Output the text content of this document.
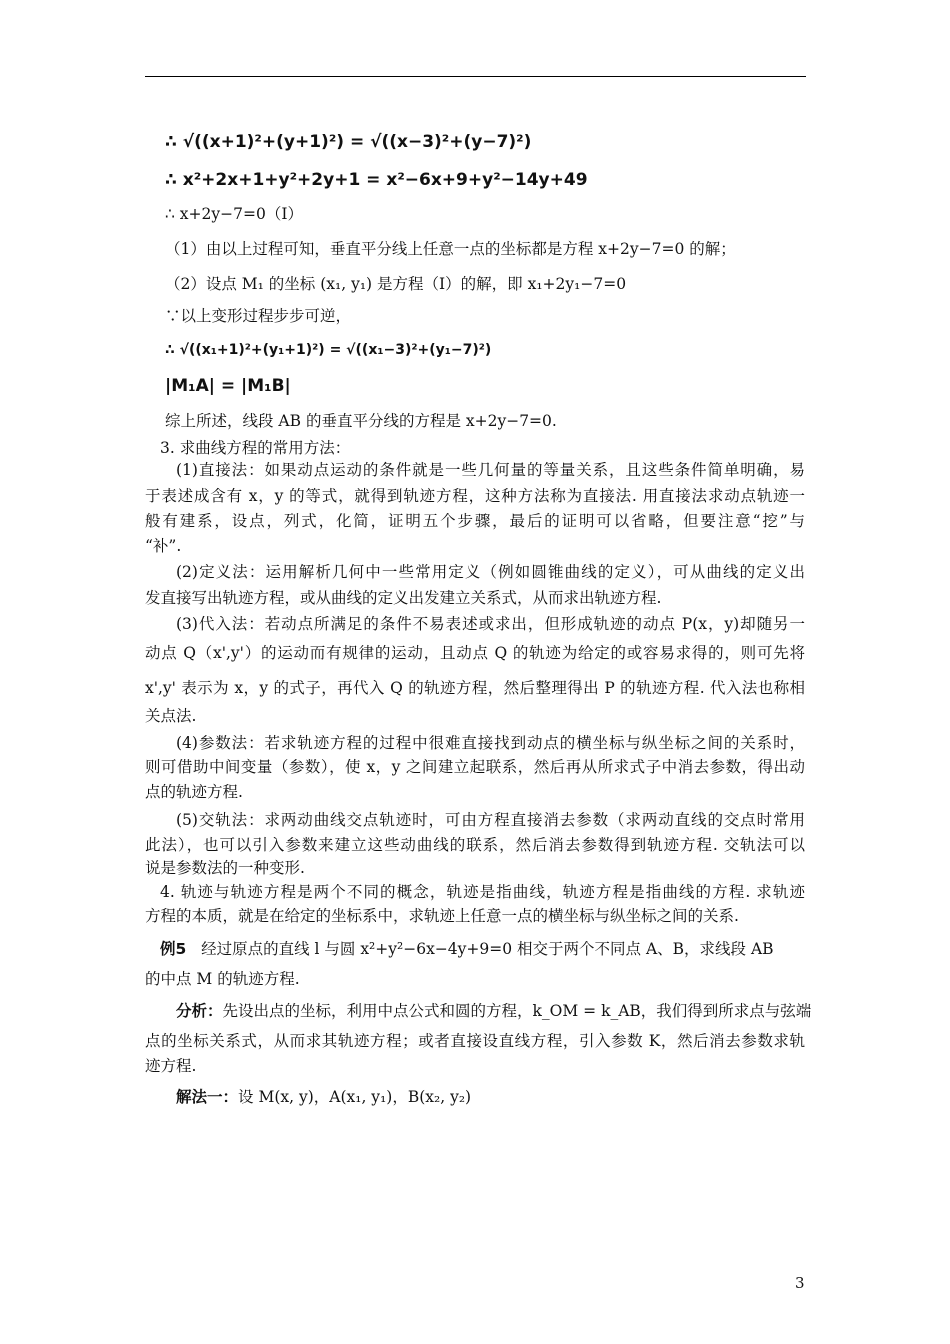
∴ √((x+1)²+(y+1)²) = √((x−3)²+(y−7)²)
∴ x²+2x+1+y²+2y+1 = x²−6x+9+y²−14y+49
∴ x+2y−7=0（Ⅰ）
（1）由以上过程可知，垂直平分线上任意一点的坐标都是方程 x+2y−7=0 的解；
（2）设点 M₁ 的坐标 (x₁, y₁) 是方程（Ⅰ）的解，即 x₁+2y₁−7=0
∵以上变形过程步步可逆，
∴ √((x₁+1)²+(y₁+1)²) = √((x₁−3)²+(y₁−7)²)
|M₁A| = |M₁B|
综上所述，线段 AB 的垂直平分线的方程是 x+2y−7=0.
3. 求曲线方程的常用方法：
(1)直接法：如果动点运动的条件就是一些几何量的等量关系，且这些条件简单明确，易
于表述成含有 x，y 的等式，就得到轨迹方程，这种方法称为直接法. 用直接法求动点轨迹一
般有建系，设点，列式，化简，证明五个步骤，最后的证明可以省略，但要注意“挖”与
“补”.
(2)定义法：运用解析几何中一些常用定义（例如圆锥曲线的定义），可从曲线的定义出
发直接写出轨迹方程，或从曲线的定义出发建立关系式，从而求出轨迹方程.
(3)代入法：若动点所满足的条件不易表述或求出，但形成轨迹的动点 P(x，y)却随另一
动点 Q（x',y'）的运动而有规律的运动，且动点 Q 的轨迹为给定的或容易求得的，则可先将
x',y' 表示为 x，y 的式子，再代入 Q 的轨迹方程，然后整理得出 P 的轨迹方程. 代入法也称相
关点法.
(4)参数法：若求轨迹方程的过程中很难直接找到动点的横坐标与纵坐标之间的关系时，
则可借助中间变量（参数），使 x，y 之间建立起联系，然后再从所求式子中消去参数，得出动
点的轨迹方程.
(5)交轨法：求两动曲线交点轨迹时，可由方程直接消去参数（求两动直线的交点时常用
此法），也可以引入参数来建立这些动曲线的联系，然后消去参数得到轨迹方程. 交轨法可以
说是参数法的一种变形.
4. 轨迹与轨迹方程是两个不同的概念，轨迹是指曲线，轨迹方程是指曲线的方程. 求轨迹
方程的本质，就是在给定的坐标系中，求轨迹上任意一点的横坐标与纵坐标之间的关系.
例5 经过原点的直线 l 与圆 x²+y²−6x−4y+9=0 相交于两个不同点 A、B，求线段 AB
的中点 M 的轨迹方程.
分析：先设出点的坐标，利用中点公式和圆的方程，k_OM = k_AB，我们得到所求点与弦端
点的坐标关系式，从而求其轨迹方程；或者直接设直线方程，引入参数 K，然后消去参数求轨
迹方程.
解法一：设 M(x, y)，A(x₁, y₁)，B(x₂, y₂)
3
